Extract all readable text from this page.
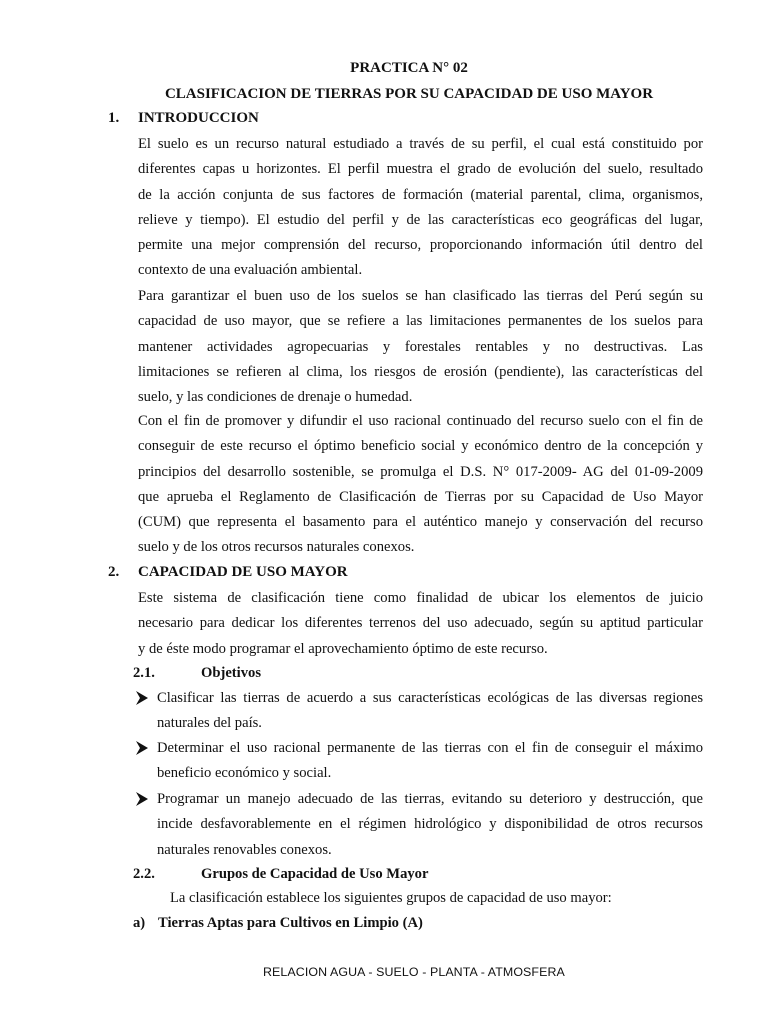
PRACTICA N° 02
CLASIFICACION DE TIERRAS POR SU CAPACIDAD DE USO MAYOR
1. INTRODUCCION
El suelo es un recurso natural estudiado a través de su perfil, el cual está constituido por
diferentes capas u horizontes. El perfil muestra el grado de evolución del suelo, resultado
de la acción conjunta de sus factores de formación (material parental, clima, organismos,
relieve y tiempo). El estudio del perfil y de las características eco geográficas del lugar,
permite una mejor comprensión del recurso, proporcionando información útil dentro del
contexto de una evaluación ambiental.
Para garantizar el buen uso de los suelos se han clasificado las tierras del Perú según su
capacidad de uso mayor, que se refiere a las limitaciones permanentes de los suelos para
mantener actividades agropecuarias y forestales rentables y no destructivas. Las
limitaciones se refieren al clima, los riesgos de erosión (pendiente), las características del
suelo, y las condiciones de drenaje o humedad.
Con el fin de promover y difundir el uso racional continuado del recurso suelo con el fin de
conseguir de este recurso el óptimo beneficio social y económico dentro de la concepción y
principios del desarrollo sostenible, se promulga el D.S. N° 017-2009- AG del 01-09-2009
que aprueba el Reglamento de Clasificación de Tierras por su Capacidad de Uso Mayor
(CUM) que representa el basamento para el auténtico manejo y conservación del recurso
suelo y de los otros recursos naturales conexos.
2. CAPACIDAD DE USO MAYOR
Este sistema de clasificación tiene como finalidad de ubicar los elementos de juicio
necesario para dedicar los diferentes terrenos del uso adecuado, según su aptitud particular
y de éste modo programar el aprovechamiento óptimo de este recurso.
2.1.	Objetivos
Clasificar las tierras de acuerdo a sus características ecológicas de las diversas regiones
naturales del país.
Determinar el uso racional permanente de las tierras con el fin de conseguir el máximo
beneficio económico y social.
Programar un manejo adecuado de las tierras, evitando su deterioro y destrucción, que
incide desfavorablemente en el régimen hidrológico y disponibilidad de otros recursos
naturales renovables conexos.
2.2.	Grupos de Capacidad de Uso Mayor
La clasificación establece los siguientes grupos de capacidad de uso mayor:
a) Tierras Aptas para Cultivos en Limpio (A)
RELACION AGUA - SUELO - PLANTA - ATMOSFERA
